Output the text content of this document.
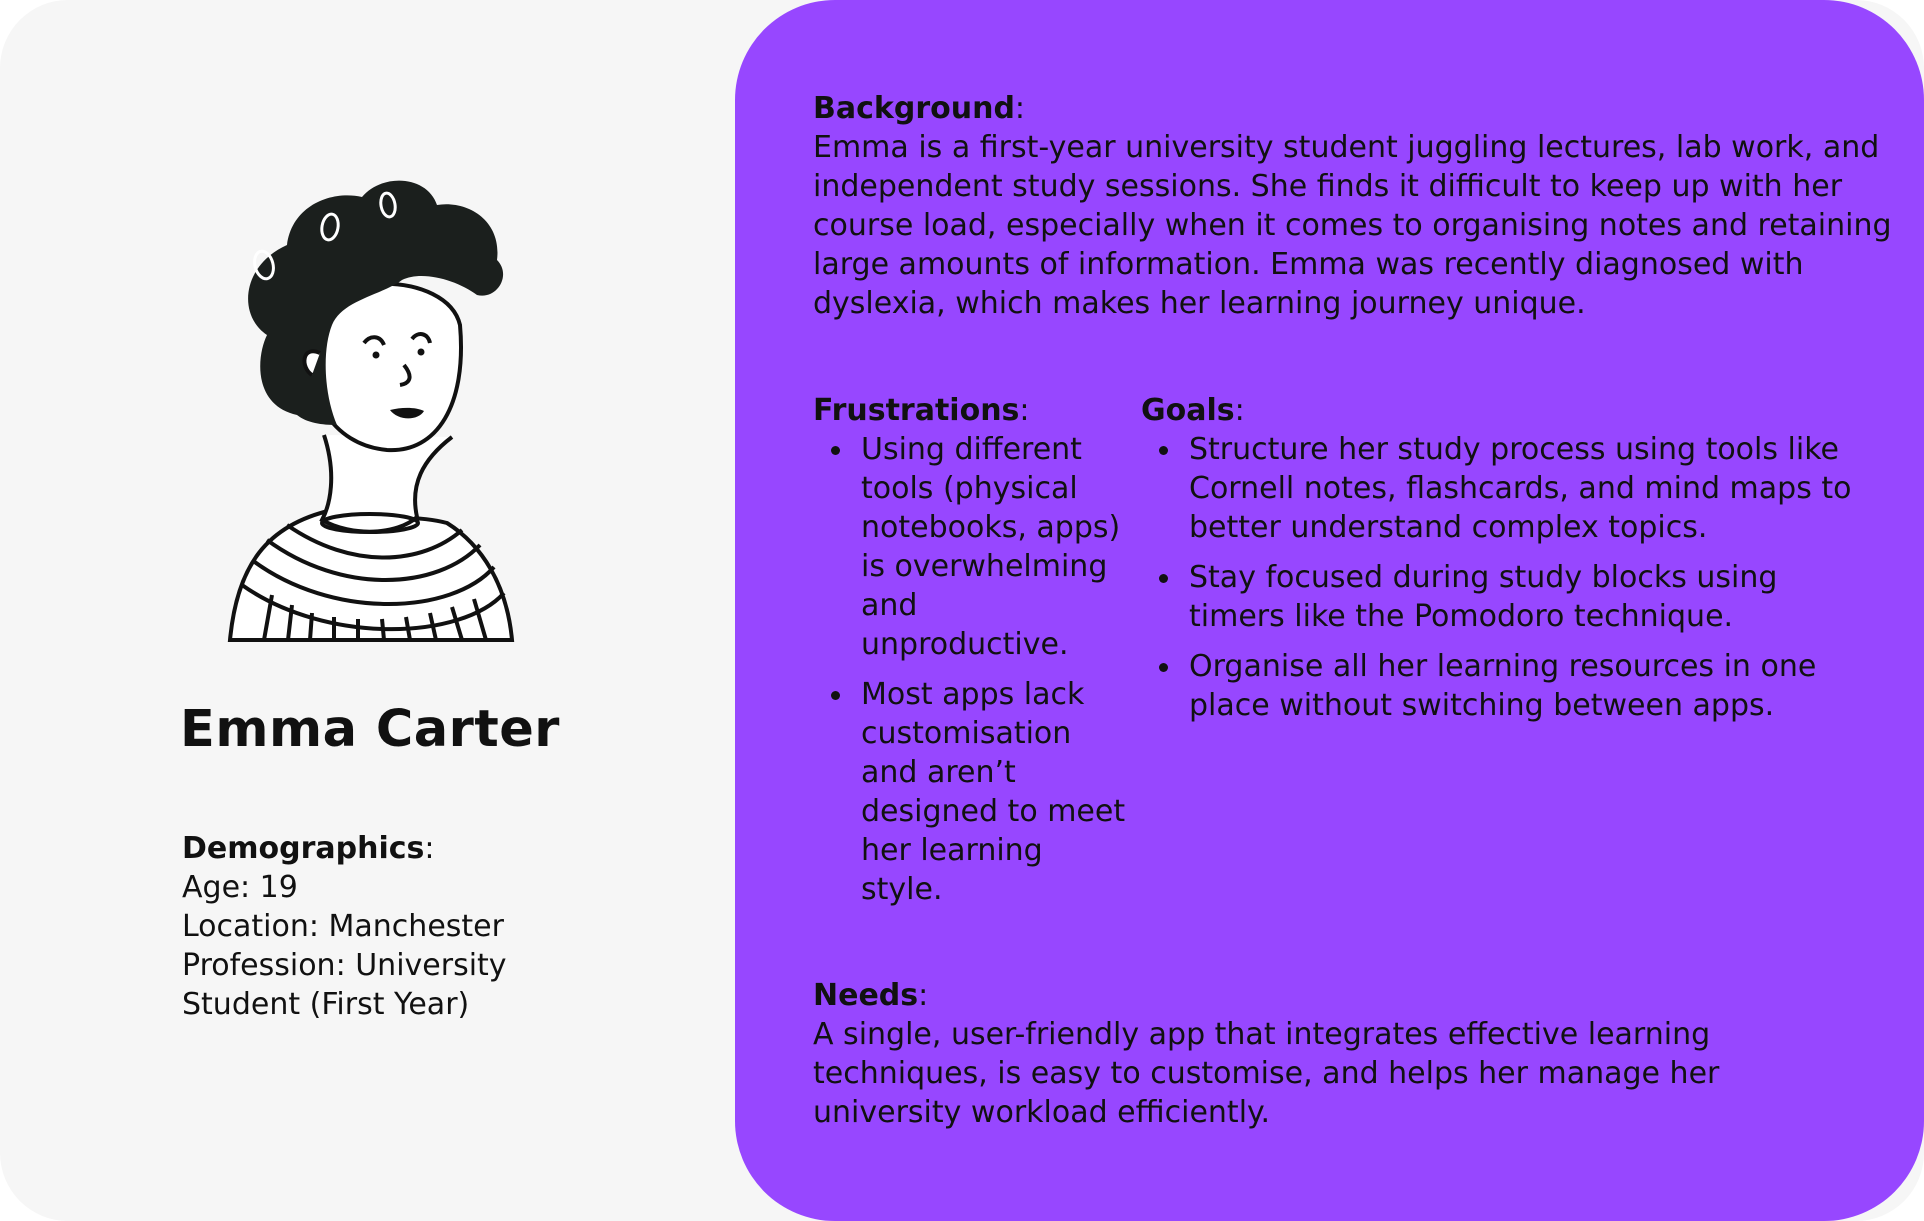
Emma Carter
Demographics:
Age: 19
Location: Manchester
Profession: University
Student (First Year)
Background:
Emma is a first-year university student juggling lectures, lab work, and independent study sessions. She finds it difficult to keep up with her course load, especially when it comes to organising notes and retaining large amounts of information. Emma was recently diagnosed with dyslexia, which makes her learning journey unique.
Frustrations:
Using different tools (physical notebooks, apps) is overwhelming and unproductive.
Most apps lack customisation and aren’t designed to meet her learning style.
Goals:
Structure her study process using tools like Cornell notes, flashcards, and mind maps to better understand complex topics.
Stay focused during study blocks using timers like the Pomodoro technique.
Organise all her learning resources in one place without switching between apps.
Needs:
A single, user-friendly app that integrates effective learning techniques, is easy to customise, and helps her manage her university workload efficiently.
